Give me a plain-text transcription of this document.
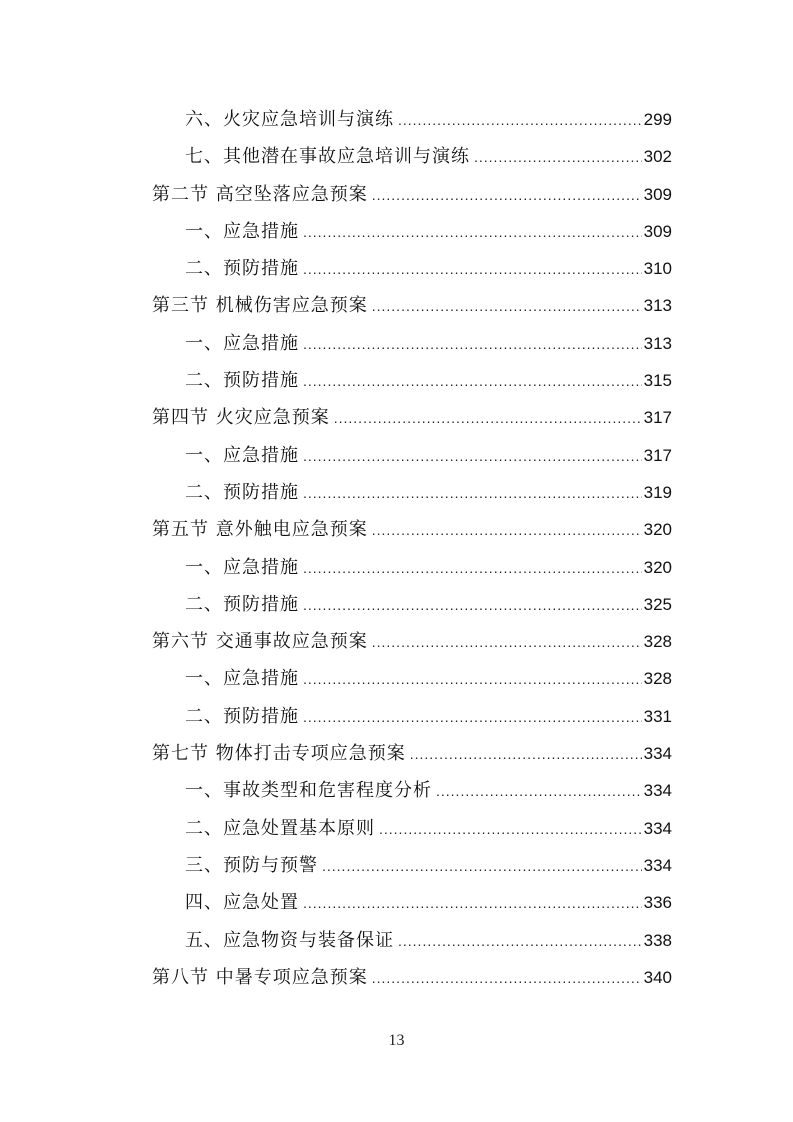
六、火灾应急培训与演练 .....	299
七、其他潜在事故应急培训与演练 .....	302
第二节 高空坠落应急预案 .....	309
一、应急措施 .....	309
二、预防措施 .....	310
第三节 机械伤害应急预案 .....	313
一、应急措施 .....	313
二、预防措施 .....	315
第四节 火灾应急预案 .....	317
一、应急措施 .....	317
二、预防措施 .....	319
第五节 意外触电应急预案 .....	320
一、应急措施 .....	320
二、预防措施 .....	325
第六节 交通事故应急预案 .....	328
一、应急措施 .....	328
二、预防措施 .....	331
第七节 物体打击专项应急预案 .....	334
一、事故类型和危害程度分析 .....	334
二、应急处置基本原则 .....	334
三、预防与预警 .....	334
四、应急处置 .....	336
五、应急物资与装备保证 .....	338
第八节 中暑专项应急预案 .....	340
13
